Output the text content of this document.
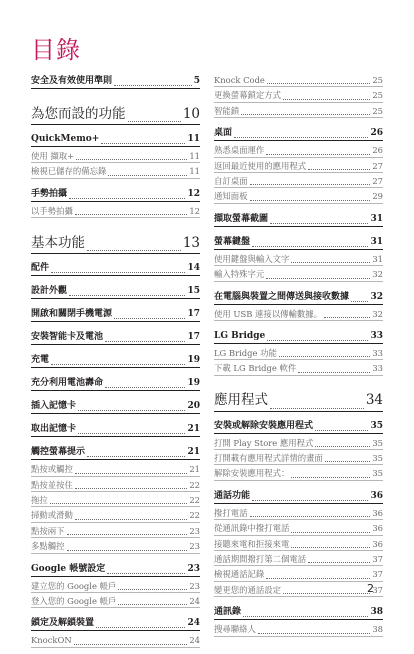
目錄
安全及有效使用準則	5
為您而設的功能	10
QuickMemo+	11
使用 擷取+	11
檢視已儲存的備忘錄	11
手勢拍攝	12
以手勢拍攝	12
基本功能	13
配件	14
設計外觀	15
開啟和關閉手機電源	17
安裝智能卡及電池	17
充電	19
充分利用電池壽命	19
插入記憶卡	20
取出記憶卡	21
觸控螢幕提示	21
點按或觸控	21
點按並按住	22
拖拉	22
掃動或滑動	22
點按兩下	23
多點觸控	23
Google 帳號設定	23
建立您的 Google 帳戶	23
登入您的 Google 帳戶	24
鎖定及解鎖裝置	24
KnockON	24
Knock Code	25
更換螢幕鎖定方式	25
智能鎖	25
桌面	26
熟悉桌面運作	26
返回最近使用的應用程式	27
自訂桌面	27
通知面板	29
擷取螢幕截圖	31
螢幕鍵盤	31
使用鍵盤與輸入文字	31
輸入特殊字元	32
在電腦與裝置之間傳送與接收數據 32
使用 USB 連接以傳輸數據。	32
LG Bridge	33
LG Bridge 功能	33
下載 LG Bridge 軟件	33
應用程式	34
安裝或解除安裝應用程式	35
打開 Play Store 應用程式	35
打開載有應用程式詳情的畫面	35
解除安裝應用程式：	35
通話功能	36
撥打電話	36
從通訊錄中撥打電話	36
接聽來電和拒接來電	36
通話期間撥打第二個電話	37
檢視通話記錄	37
變更您的通話設定	37
通訊錄	38
搜尋聯絡人	38
2
